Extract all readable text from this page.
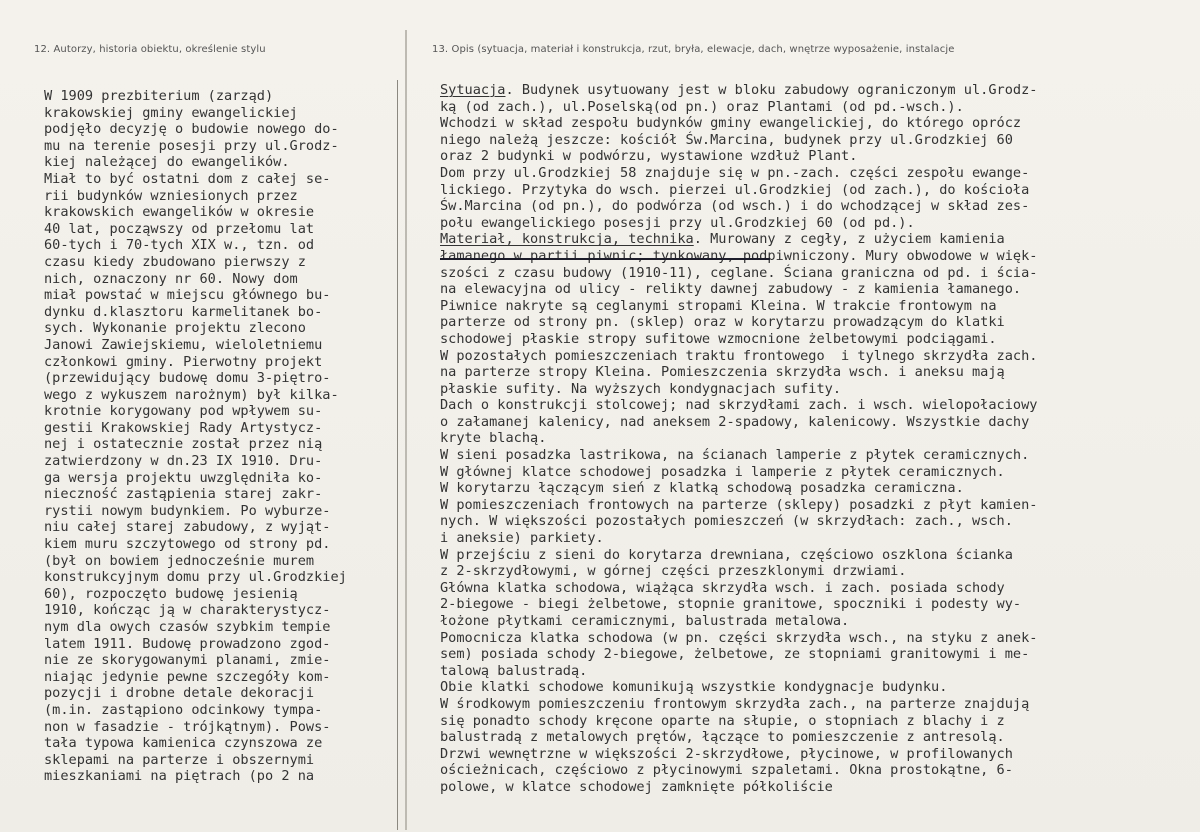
12. Autorzy, historia obiektu, określenie stylu	13. Opis (sytuacja, materiał i konstrukcja, rzut, bryła, elewacje, dach, wnętrze wyposażenie, instalacje
W 1909 prezbiterium (zarząd)
krakowskiej gminy ewangelickiej
podjęło decyzję o budowie nowego do-
mu na terenie posesji przy ul.Grodz-
kiej należącej do ewangelików.
Miał to być ostatni dom z całej se-
rii budynków wzniesionych przez
krakowskich ewangelików w okresie
40 lat, począwszy od przełomu lat
60-tych i 70-tych XIX w., tzn. od
czasu kiedy zbudowano pierwszy z
nich, oznaczony nr 60. Nowy dom
miał powstać w miejscu głównego bu-
dynku d.klasztoru karmelitanek bo-
sych. Wykonanie projektu zlecono
Janowi Zawiejskiemu, wieloletniemu
członkowi gminy. Pierwotny projekt
(przewidujący budowę domu 3-piętro-
wego z wykuszem narożnym) był kilka-
krotnie korygowany pod wpływem su-
gestii Krakowskiej Rady Artystycz-
nej i ostatecznie został przez nią
zatwierdzony w dn.23 IX 1910. Dru-
ga wersja projektu uwzględniła ko-
nieczność zastąpienia starej zakr-
rystii nowym budynkiem. Po wyburze-
niu całej starej zabudowy, z wyjąt-
kiem muru szczytowego od strony pd.
(był on bowiem jednocześnie murem
konstrukcyjnym domu przy ul.Grodzkiej
60), rozpoczęto budowę jesienią
1910, kończąc ją w charakterystycz-
nym dla owych czasów szybkim tempie
latem 1911. Budowę prowadzono zgod-
nie ze skorygowanymi planami, zmie-
niając jedynie pewne szczegóły kom-
pozycji i drobne detale dekoracji
(m.in. zastąpiono odcinkowy tympa-
non w fasadzie - trójkątnym). Pows-
tała typowa kamienica czynszowa ze
sklepami na parterze i obszernymi
mieszkaniami na piętrach (po 2 na
Sytuacja. Budynek usytuowany jest w bloku zabudowy ograniczonym ul.Grodz-
ką (od zach.), ul.Poselską(od pn.) oraz Plantami (od pd.-wsch.).
Wchodzi w skład zespołu budynków gminy ewangelickiej, do którego oprócz
niego należą jeszcze: kościół Św.Marcina, budynek przy ul.Grodzkiej 60
oraz 2 budynki w podwórzu, wystawione wzdłuż Plant.
Dom przy ul.Grodzkiej 58 znajduje się w pn.-zach. części zespołu ewange-
lickiego. Przytyka do wsch. pierzei ul.Grodzkiej (od zach.), do kościoła
Św.Marcina (od pn.), do podwórza (od wsch.) i do wchodzącej w skład zes-
połu ewangelickiego posesji przy ul.Grodzkiej 60 (od pd.).
Materiał, konstrukcja, technika. Murowany z cegły, z użyciem kamienia
łamanego w partii piwnic; tynkowany, podpiwniczony. Mury obwodowe w więk-
szości z czasu budowy (1910-11), ceglane. Ściana graniczna od pd. i ścia-
na elewacyjna od ulicy - relikty dawnej zabudowy - z kamienia łamanego.
Piwnice nakryte są ceglanymi stropami Kleina. W trakcie frontowym na
parterze od strony pn. (sklep) oraz w korytarzu prowadzącym do klatki
schodowej płaskie stropy sufitowe wzmocnione żelbetowymi podciągami.
W pozostałych pomieszczeniach traktu frontowego  i tylnego skrzydła zach.
na parterze stropy Kleina. Pomieszczenia skrzydła wsch. i aneksu mają
płaskie sufity. Na wyższych kondygnacjach sufity.
Dach o konstrukcji stolcowej; nad skrzydłami zach. i wsch. wielopołaciowy
o załamanej kalenicy, nad aneksem 2-spadowy, kalenicowy. Wszystkie dachy
kryte blachą.
W sieni posadzka lastrikowa, na ścianach lamperie z płytek ceramicznych.
W głównej klatce schodowej posadzka i lamperie z płytek ceramicznych.
W korytarzu łączącym sień z klatką schodową posadzka ceramiczna.
W pomieszczeniach frontowych na parterze (sklepy) posadzki z płyt kamien-
nych. W większości pozostałych pomieszczeń (w skrzydłach: zach., wsch.
i aneksie) parkiety.
W przejściu z sieni do korytarza drewniana, częściowo oszklona ścianka
z 2-skrzydłowymi, w górnej części przeszklonymi drzwiami.
Główna klatka schodowa, wiążąca skrzydła wsch. i zach. posiada schody
2-biegowe - biegi żelbetowe, stopnie granitowe, spoczniki i podesty wy-
łożone płytkami ceramicznymi, balustrada metalowa.
Pomocnicza klatka schodowa (w pn. części skrzydła wsch., na styku z anek-
sem) posiada schody 2-biegowe, żelbetowe, ze stopniami granitowymi i me-
talową balustradą.
Obie klatki schodowe komunikują wszystkie kondygnacje budynku.
W środkowym pomieszczeniu frontowym skrzydła zach., na parterze znajdują
się ponadto schody kręcone oparte na słupie, o stopniach z blachy i z
balustradą z metalowych prętów, łączące to pomieszczenie z antresolą.
Drzwi wewnętrzne w większości 2-skrzydłowe, płycinowe, w profilowanych
ościeżnicach, częściowo z płycinowymi szpaletami. Okna prostokątne, 6-
polowe, w klatce schodowej zamknięte półkoliście
